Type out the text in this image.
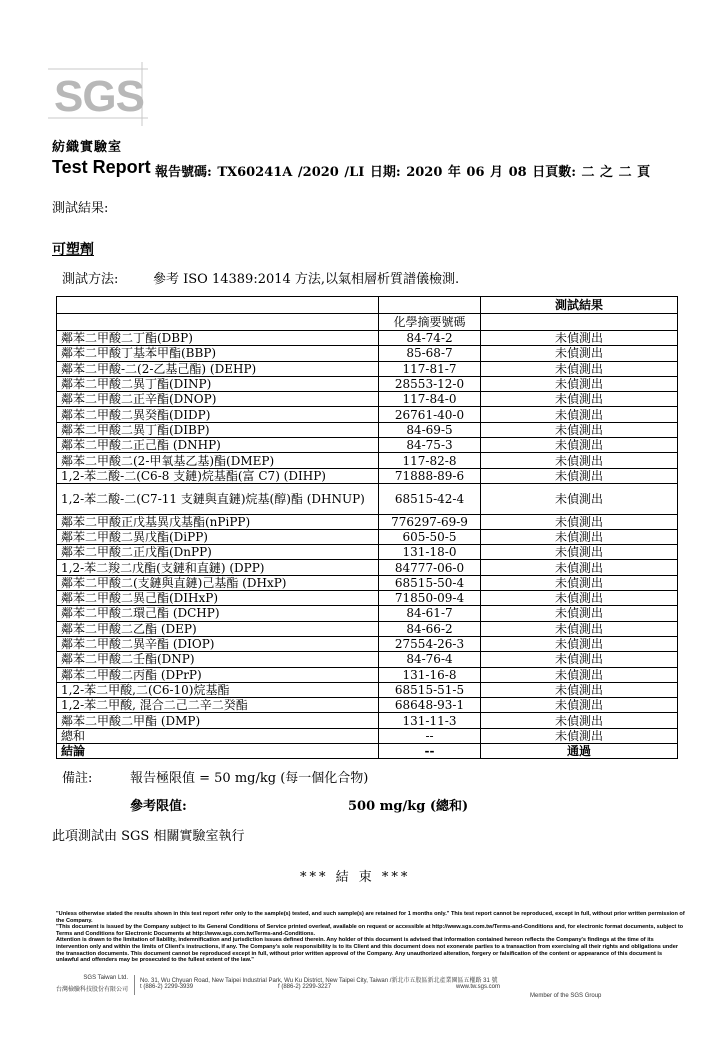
SGS
紡織實驗室
Test Report 報告號碼: TX60241A /2020 /LI 日期: 2020 年 06 月 08 日頁數: 二 之 二 頁
測試結果:
可塑劑
測試方法:	參考 ISO 14389:2014 方法,以氣相層析質譜儀檢測.
		測試結果
	化學摘要號碼	
鄰苯二甲酸二丁酯(DBP)	84-74-2	未偵測出
鄰苯二甲酸丁基苯甲酯(BBP)	85-68-7	未偵測出
鄰苯二甲酸-二(2-乙基己酯) (DEHP)	117-81-7	未偵測出
鄰苯二甲酸二異丁酯(DINP)	28553-12-0	未偵測出
鄰苯二甲酸二正辛酯(DNOP)	117-84-0	未偵測出
鄰苯二甲酸二異癸酯(DIDP)	26761-40-0	未偵測出
鄰苯二甲酸二異丁酯(DIBP)	84-69-5	未偵測出
鄰苯二甲酸二正己酯 (DNHP)	84-75-3	未偵測出
鄰苯二甲酸二(2-甲氧基乙基)酯(DMEP)	117-82-8	未偵測出
1,2-苯二酸-二(C6-8 支鏈)烷基酯(富 C7) (DIHP)	71888-89-6	未偵測出
1,2-苯二酸-二(C7-11 支鏈與直鏈)烷基(醇)酯 (DHNUP)	68515-42-4	未偵測出
鄰苯二甲酸正戊基異戊基酯(nPiPP)	776297-69-9	未偵測出
鄰苯二甲酸二異戊酯(DiPP)	605-50-5	未偵測出
鄰苯二甲酸二正戊酯(DnPP)	131-18-0	未偵測出
1,2-苯二羧二戊酯(支鏈和直鏈) (DPP)	84777-06-0	未偵測出
鄰苯二甲酸二(支鏈與直鏈)己基酯 (DHxP)	68515-50-4	未偵測出
鄰苯二甲酸二異己酯(DIHxP)	71850-09-4	未偵測出
鄰苯二甲酸二環己酯 (DCHP)	84-61-7	未偵測出
鄰苯二甲酸二乙酯 (DEP)	84-66-2	未偵測出
鄰苯二甲酸二異辛酯 (DIOP)	27554-26-3	未偵測出
鄰苯二甲酸二壬酯(DNP)	84-76-4	未偵測出
鄰苯二甲酸二丙酯 (DPrP)	131-16-8	未偵測出
1,2-苯二甲酸,二(C6-10)烷基酯	68515-51-5	未偵測出
1,2-苯二甲酸, 混合二己二辛二癸酯	68648-93-1	未偵測出
鄰苯二甲酸二甲酯 (DMP)	131-11-3	未偵測出
總和	--	未偵測出
結論	--	通過
備註:	報告極限值 = 50 mg/kg (每一個化合物)
參考限值:	500 mg/kg (總和)
此項測試由 SGS 相關實驗室執行
*** 結 束 ***

"Unless otherwise stated the results shown in this test report refer only to the sample(s) tested, and such sample(s) are retained for 1 months only." This test report cannot be reproduced, except in full, without prior written permission of the Company.

"This document is issued by the Company subject to its General Conditions of Service printed overleaf, available on request or accessible at http://www.sgs.com.tw/Terms-and-Conditions and, for electronic format documents, subject to Terms and Conditions for Electronic Documents at http://www.sgs.com.tw/Terms-and-Conditions.

Attention is drawn to the limitation of liability, indemnification and jurisdiction issues defined therein. Any holder of this document is advised that information contained hereon reflects the Company's findings at the time of its intervention only and within the limits of Client's instructions, if any. The Company's sole responsibility is to its Client and this document does not exonerate parties to a transaction from exercising all their rights and obligations under the transaction documents. This document cannot be reproduced except in full, without prior written approval of the Company. Any unauthorized alteration, forgery or falsification of the content or appearance of this document is unlawful and offenders may be prosecuted to the fullest extent of the law."

SGS Taiwan Ltd.
台灣檢驗科技股份有限公司
No. 31, Wu Chyuan Road, New Taipei Industrial Park, Wu Ku District, New Taipei City, Taiwan /新北市五股區新北產業園區五權路 31 號
t (886-2) 2299-3939	f (886-2) 2299-3227	www.tw.sgs.com
Member of the SGS Group
